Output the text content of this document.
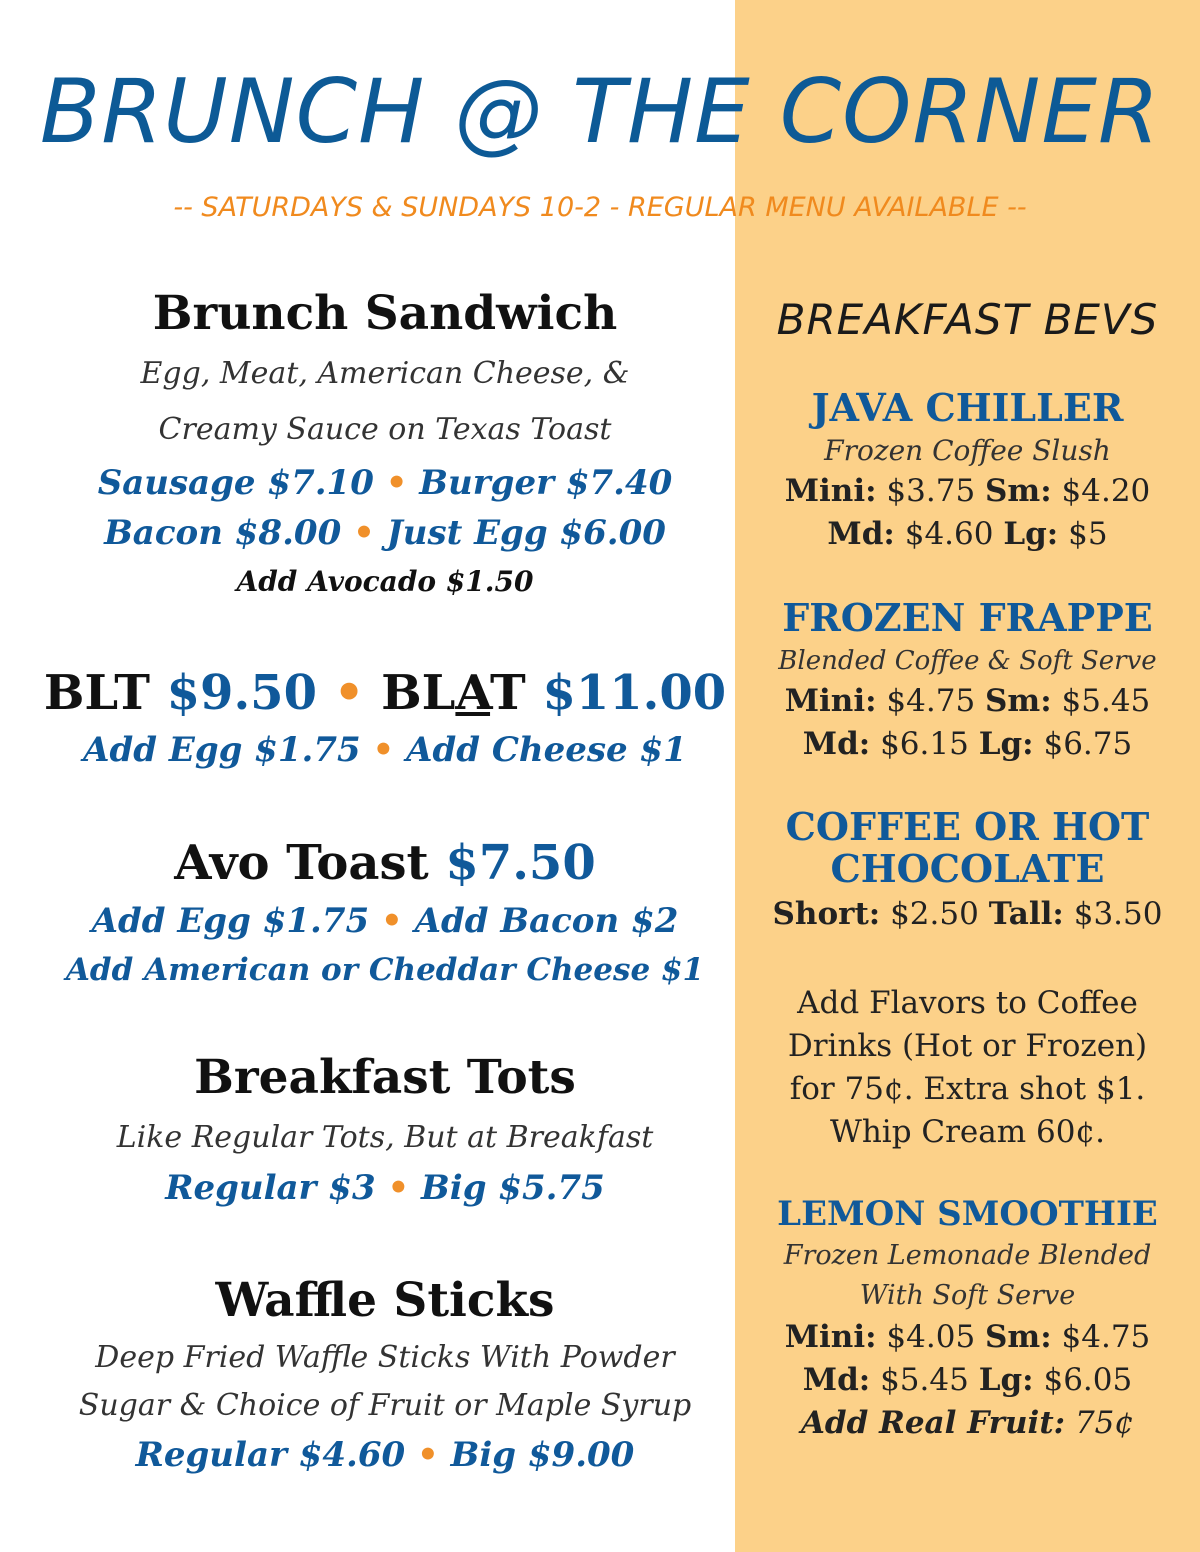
BRUNCH @ THE CORNER
-- SATURDAYS & SUNDAYS 10-2 - REGULAR MENU AVAILABLE --
Brunch Sandwich
Egg, Meat, American Cheese, &
Creamy Sauce on Texas Toast
Sausage $7.10 • Burger $7.40
Bacon $8.00 • Just Egg $6.00
Add Avocado $1.50
BLT $9.50 • BLAT $11.00
Add Egg $1.75 • Add Cheese $1
Avo Toast $7.50
Add Egg $1.75 • Add Bacon $2
Add American or Cheddar Cheese $1
Breakfast Tots
Like Regular Tots, But at Breakfast
Regular $3 • Big $5.75
Waffle Sticks
Deep Fried Waffle Sticks With Powder
Sugar & Choice of Fruit or Maple Syrup
Regular $4.60 • Big $9.00
BREAKFAST BEVS
JAVA CHILLER
Frozen Coffee Slush
Mini: $3.75 Sm: $4.20
Md: $4.60 Lg: $5
FROZEN FRAPPE
Blended Coffee & Soft Serve
Mini: $4.75 Sm: $5.45
Md: $6.15 Lg: $6.75
COFFEE OR HOT
CHOCOLATE
Short: $2.50 Tall: $3.50
Add Flavors to Coffee
Drinks (Hot or Frozen)
for 75¢. Extra shot $1.
Whip Cream 60¢.
LEMON SMOOTHIE
Frozen Lemonade Blended
With Soft Serve
Mini: $4.05 Sm: $4.75
Md: $5.45 Lg: $6.05
Add Real Fruit: 75¢
